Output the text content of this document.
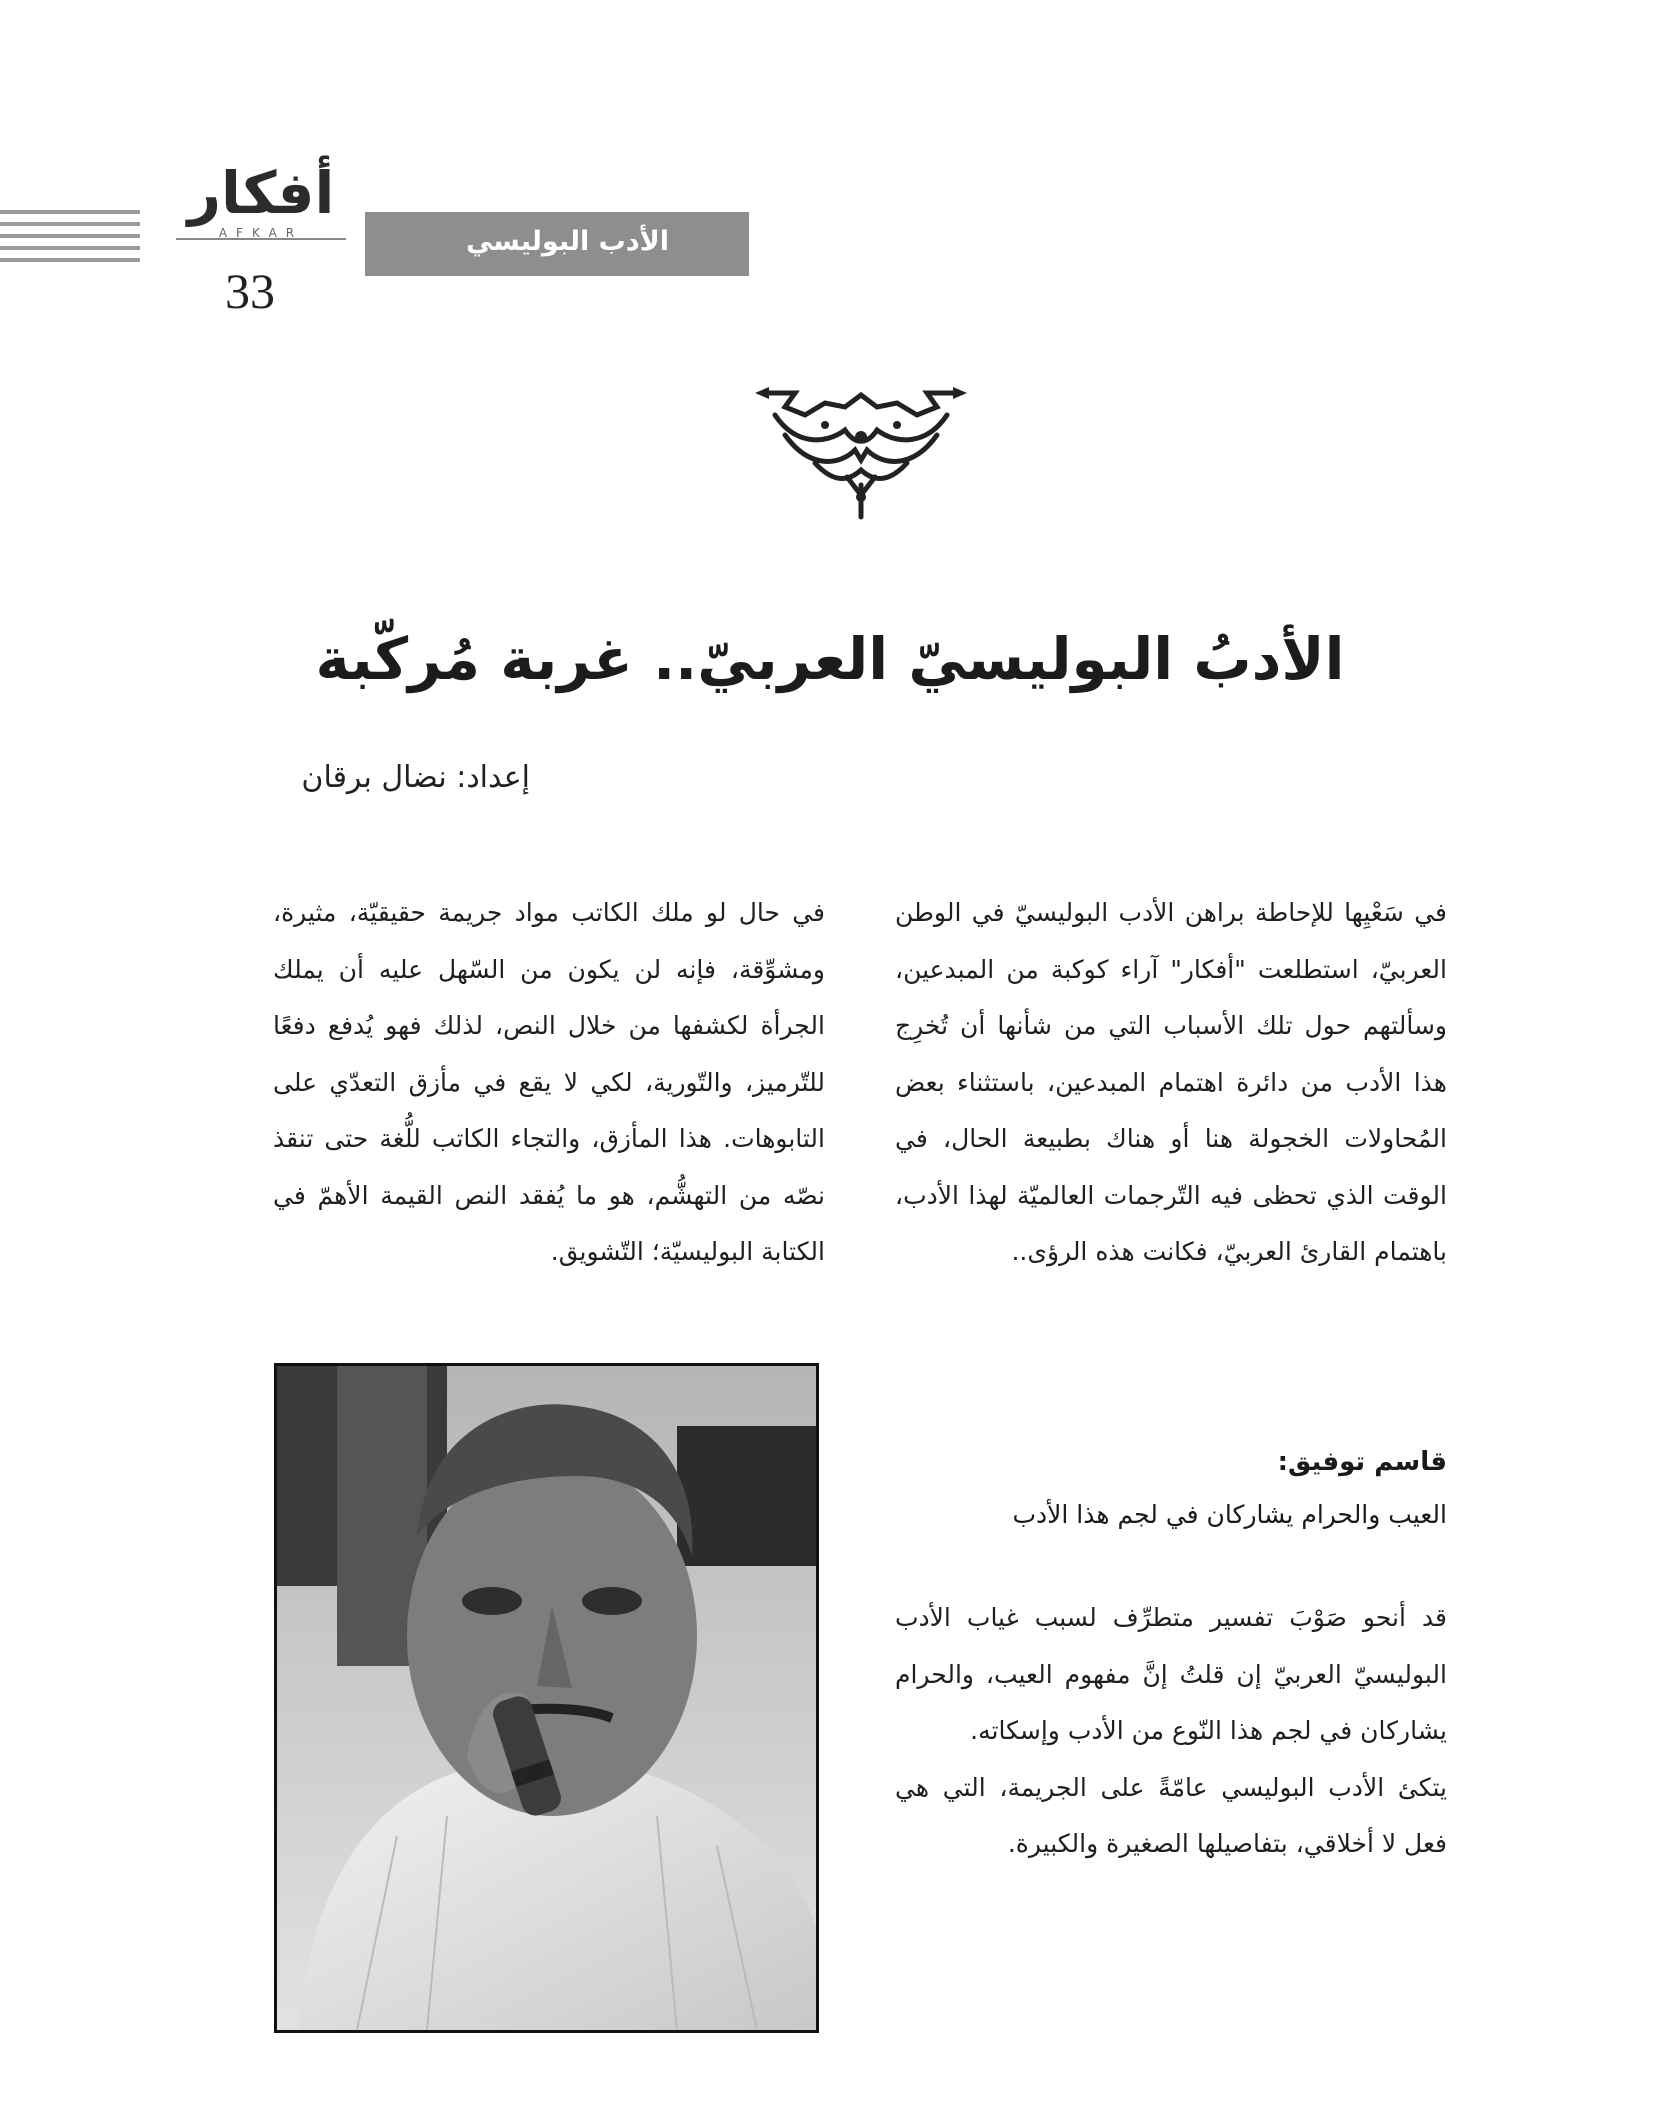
أفكار
AFKAR
33
الأدب البوليسي
الأدبُ البوليسيّ العربيّ.. غربة مُركّبة
إعداد: نضال برقان

في سَعْيِها للإحاطة براهن الأدب البوليسيّ في الوطن العربيّ، استطلعت "أفكار" آراء كوكبة من المبدعين، وسألتهم حول تلك الأسباب التي من شأنها أن تُخرِج هذا الأدب من دائرة اهتمام المبدعين، باستثناء بعض المُحاولات الخجولة هنا أو هناك بطبيعة الحال، في الوقت الذي تحظى فيه التّرجمات العالميّة لهذا الأدب، باهتمام القارئ العربيّ، فكانت هذه الرؤى..

في حال لو ملك الكاتب مواد جريمة حقيقيّة، مثيرة، ومشوِّقة، فإنه لن يكون من السّهل عليه أن يملك الجرأة لكشفها من خلال النص، لذلك فهو يُدفع دفعًا للتّرميز، والتّورية، لكي لا يقع في مأزق التعدّي على التابوهات. هذا المأزق، والتجاء الكاتب للُّغة حتى تنقذ نصّه من التهشُّم، هو ما يُفقد النص القيمة الأهمّ في الكتابة البوليسيّة؛ التّشويق.

قاسم توفيق:
العيب والحرام يشاركان في لجم هذا الأدب

قد أنحو صَوْبَ تفسير متطرِّف لسبب غياب الأدب البوليسيّ العربيّ إن قلتُ إنَّ مفهوم العيب، والحرام يشاركان في لجم هذا النّوع من الأدب وإسكاته.

يتكئ الأدب البوليسي عامّةً على الجريمة، التي هي فعل لا أخلاقي، بتفاصيلها الصغيرة والكبيرة.
